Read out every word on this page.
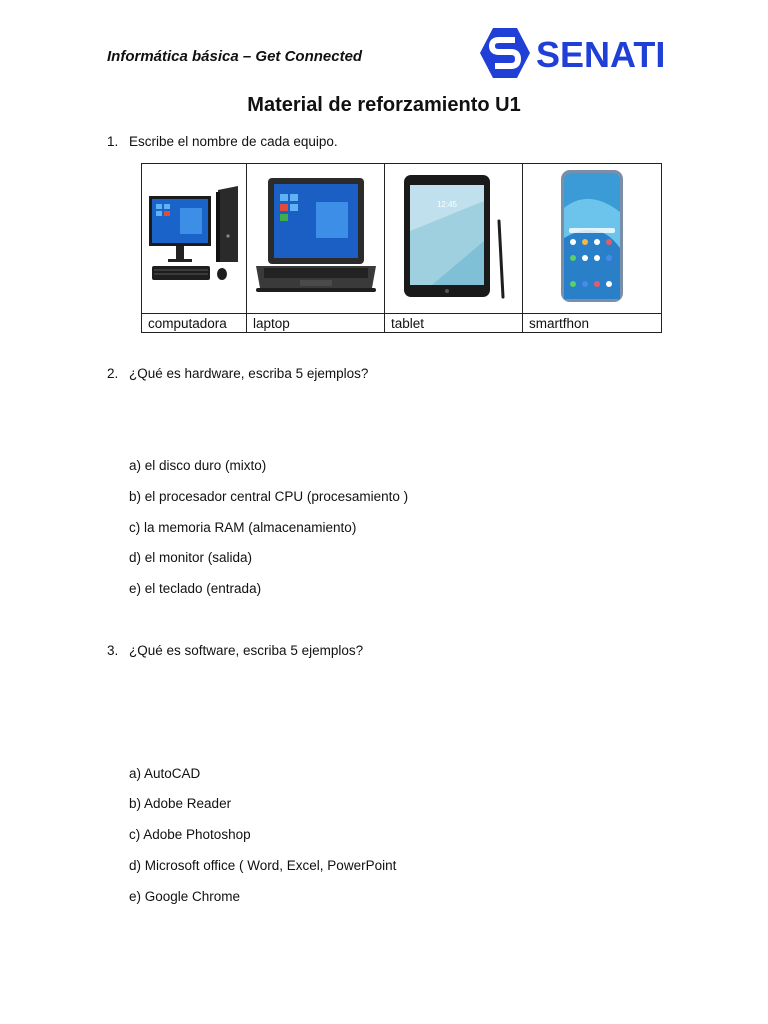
Informática básica – Get Connected	SENATI
Material de reforzamiento U1
1. Escribe el nombre de cada equipo.

12:45

computadora	laptop	tablet	smartfhon
2. ¿Qué es hardware, escriba 5 ejemplos?
a) el disco duro (mixto)
b) el procesador central CPU (procesamiento )
c) la memoria RAM (almacenamiento)
d) el monitor (salida)
e) el teclado (entrada)
3. ¿Qué es software, escriba 5 ejemplos?
a) AutoCAD
b) Adobe Reader
c) Adobe Photoshop
d) Microsoft office ( Word, Excel, PowerPoint
e) Google Chrome
